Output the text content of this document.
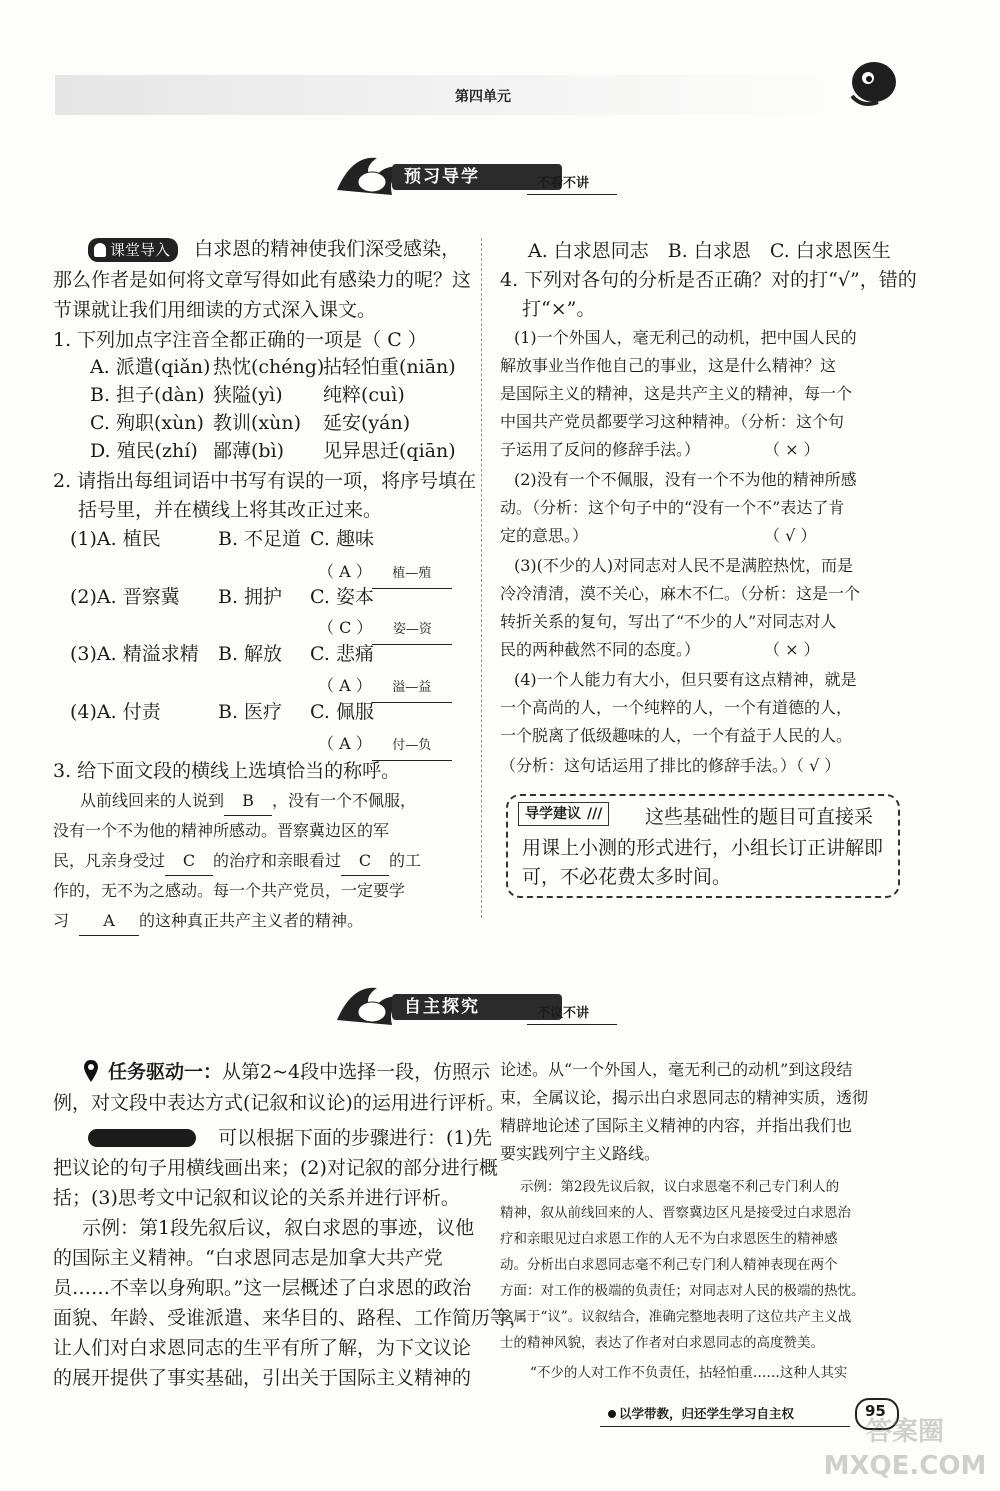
第四单元
预习导学	不看不讲
课堂导入 白求恩的精神使我们深受感染，
那么作者是如何将文章写得如此有感染力的呢？这
节课就让我们用细读的方式深入课文。
1. 下列加点字注音全都正确的一项是（ C ）
A. 派遣(qiǎn) 热忱(chéng)
拈轻怕重(niān)
B. 担子(dàn) 狭隘(yì) 纯粹(cuì)
C. 殉职(xùn) 教训(xùn) 延安(yán)
D. 殖民(zhí) 鄙薄(bì) 见异思迁(qiān)
2. 请指出每组词语中书写有误的一项，将序号填在
括号里，并在横线上将其改正过来。
(1)A. 植民	B. 不足道 C. 趣味
（ A ） 植—殖
(2)A. 晋察冀 B. 拥护 C. 姿本
（ C ） 姿—资
(3)A. 精溢求精 B. 解放 C. 悲痛
（ A ） 溢—益
(4)A. 付责	B. 医疗 C. 佩服
（ A ） 付—负
3. 给下面文段的横线上选填恰当的称呼。
从前线回来的人说到 B ，没有一个不佩服，
没有一个不为他的精神所感动。晋察冀边区的军
民，凡亲身受过 C 的治疗和亲眼看过 C 的工
作的，无不为之感动。每一个共产党员，一定要学
习 A 的这种真正共产主义者的精神。
A. 白求恩同志　B. 白求恩　C. 白求恩医生
4. 下列对各句的分析是否正确？对的打“√”，错的
打“×”。
(1)一个外国人，毫无利己的动机，把中国人民的
解放事业当作他自己的事业，这是什么精神？这
是国际主义的精神，这是共产主义的精神，每一个
中国共产党员都要学习这种精神。（分析：这个句
子运用了反问的修辞手法。）　　　　　（ × ）
(2)没有一个不佩服，没有一个不为他的精神所感
动。（分析：这个句子中的“没有一个不”表达了肯
定的意思。）　　　　　　　　　　　　（ √ ）
(3)(不少的人)对同志对人民不是满腔热忱，而是
冷冷清清，漠不关心，麻木不仁。（分析：这是一个
转折关系的复句，写出了“不少的人”对同志对人
民的两种截然不同的态度。）　　　　　（ × ）
(4)一个人能力有大小，但只要有这点精神，就是
一个高尚的人，一个纯粹的人，一个有道德的人，
一个脱离了低级趣味的人，一个有益于人民的人。
（分析：这句话运用了排比的修辞手法。）（ √ ）
导学建议 ///	这些基础性的题目可直接采
用课上小测的形式进行，小组长订正讲解即
可，不必花费太多时间。
自主探究	不议不讲
任务驱动一：从第2~4段中选择一段，仿照示
例，对文段中表达方式(记叙和议论)的运用进行评析。
可以根据下面的步骤进行：(1)先
把议论的句子用横线画出来；(2)对记叙的部分进行概
括；(3)思考文中记叙和议论的关系并进行评析。
示例：第1段先叙后议，叙白求恩的事迹，议他
的国际主义精神。“白求恩同志是加拿大共产党
员……不幸以身殉职。”这一层概述了白求恩的政治
面貌、年龄、受谁派遣、来华目的、路程、工作简历等，
让人们对白求恩同志的生平有所了解，为下文议论
的展开提供了事实基础，引出关于国际主义精神的
论述。从“一个外国人，毫无利己的动机”到这段结
束，全属议论，揭示出白求恩同志的精神实质，透彻
精辟地论述了国际主义精神的内容，并指出我们也
要实践列宁主义路线。
示例：第2段先议后叙，议白求恩毫不利己专门利人的
精神，叙从前线回来的人、晋察冀边区凡是接受过白求恩治
疗和亲眼见过白求恩工作的人无不为白求恩医生的精神感
动。分析出白求恩同志毫不利己专门利人精神表现在两个
方面：对工作的极端的负责任；对同志对人民的极端的热忱。
这属于“议”。议叙结合，准确完整地表明了这位共产主义战
士的精神风貌，表达了作者对白求恩同志的高度赞美。
“不少的人对工作不负责任，拈轻怕重……这种人其实
以学带教，归还学生学习自主权	95
答案圈 MXQE.COM
